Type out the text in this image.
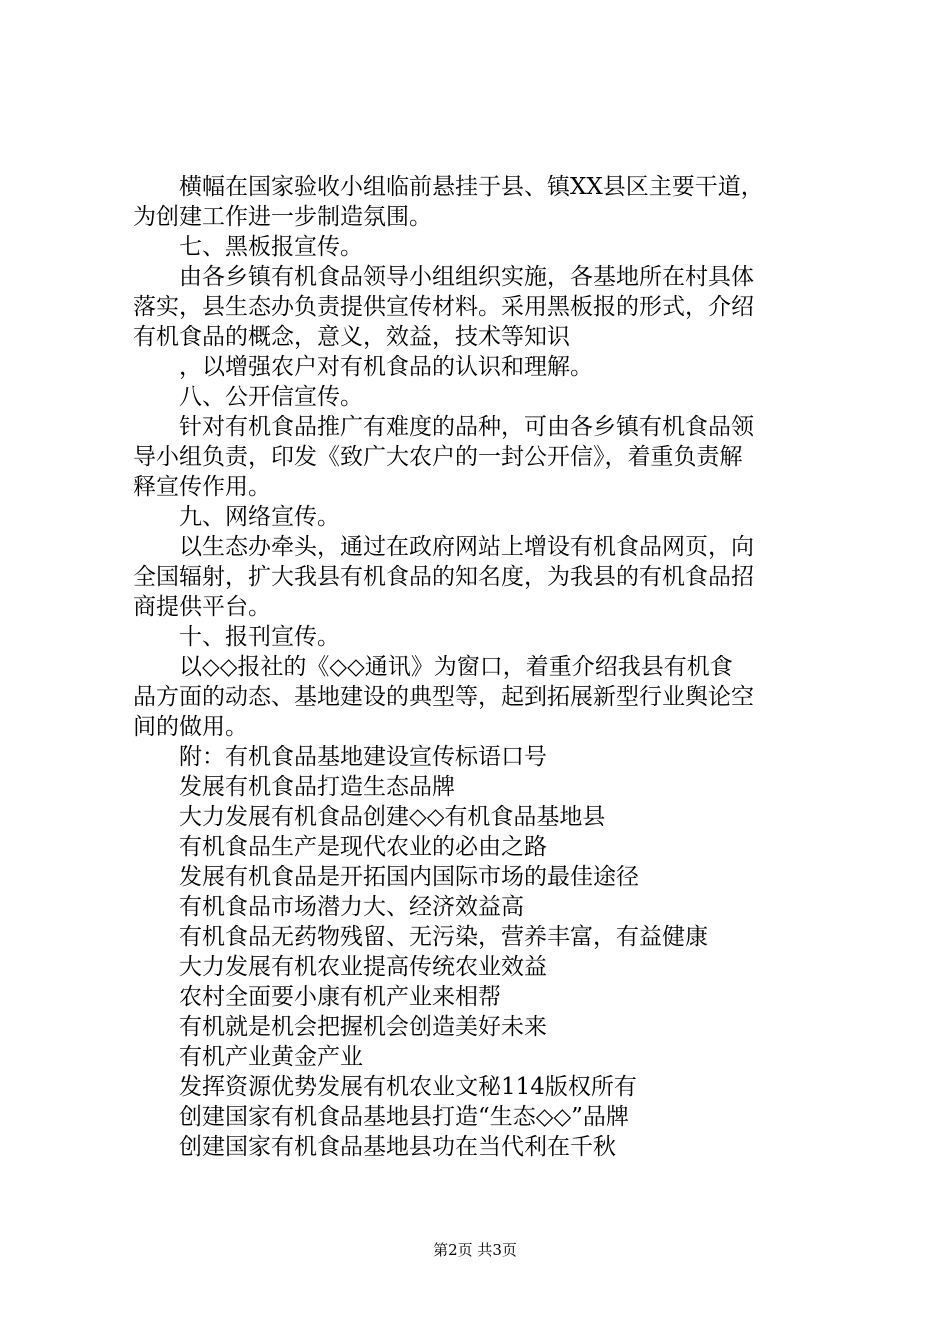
横幅在国家验收小组临前悬挂于县、镇XX县区主要干道，
为创建工作进一步制造氛围。
七、黑板报宣传。
由各乡镇有机食品领导小组组织实施，各基地所在村具体
落实，县生态办负责提供宣传材料。采用黑板报的形式，介绍
有机食品的概念，意义，效益，技术等知识
，以增强农户对有机食品的认识和理解。
八、公开信宣传。
针对有机食品推广有难度的品种，可由各乡镇有机食品领
导小组负责，印发《致广大农户的一封公开信》，着重负责解
释宣传作用。
九、网络宣传。
以生态办牵头，通过在政府网站上增设有机食品网页，向
全国辐射，扩大我县有机食品的知名度，为我县的有机食品招
商提供平台。
十、报刊宣传。
以◇◇报社的《◇◇通讯》为窗口，着重介绍我县有机食
品方面的动态、基地建设的典型等，起到拓展新型行业舆论空
间的做用。
附：有机食品基地建设宣传标语口号
发展有机食品打造生态品牌
大力发展有机食品创建◇◇有机食品基地县
有机食品生产是现代农业的必由之路
发展有机食品是开拓国内国际市场的最佳途径
有机食品市场潜力大、经济效益高
有机食品无药物残留、无污染，营养丰富，有益健康
大力发展有机农业提高传统农业效益
农村全面要小康有机产业来相帮
有机就是机会把握机会创造美好未来
有机产业黄金产业
发挥资源优势发展有机农业文秘114版权所有
创建国家有机食品基地县打造“生态◇◇”品牌
创建国家有机食品基地县功在当代利在千秋
第2页 共3页
